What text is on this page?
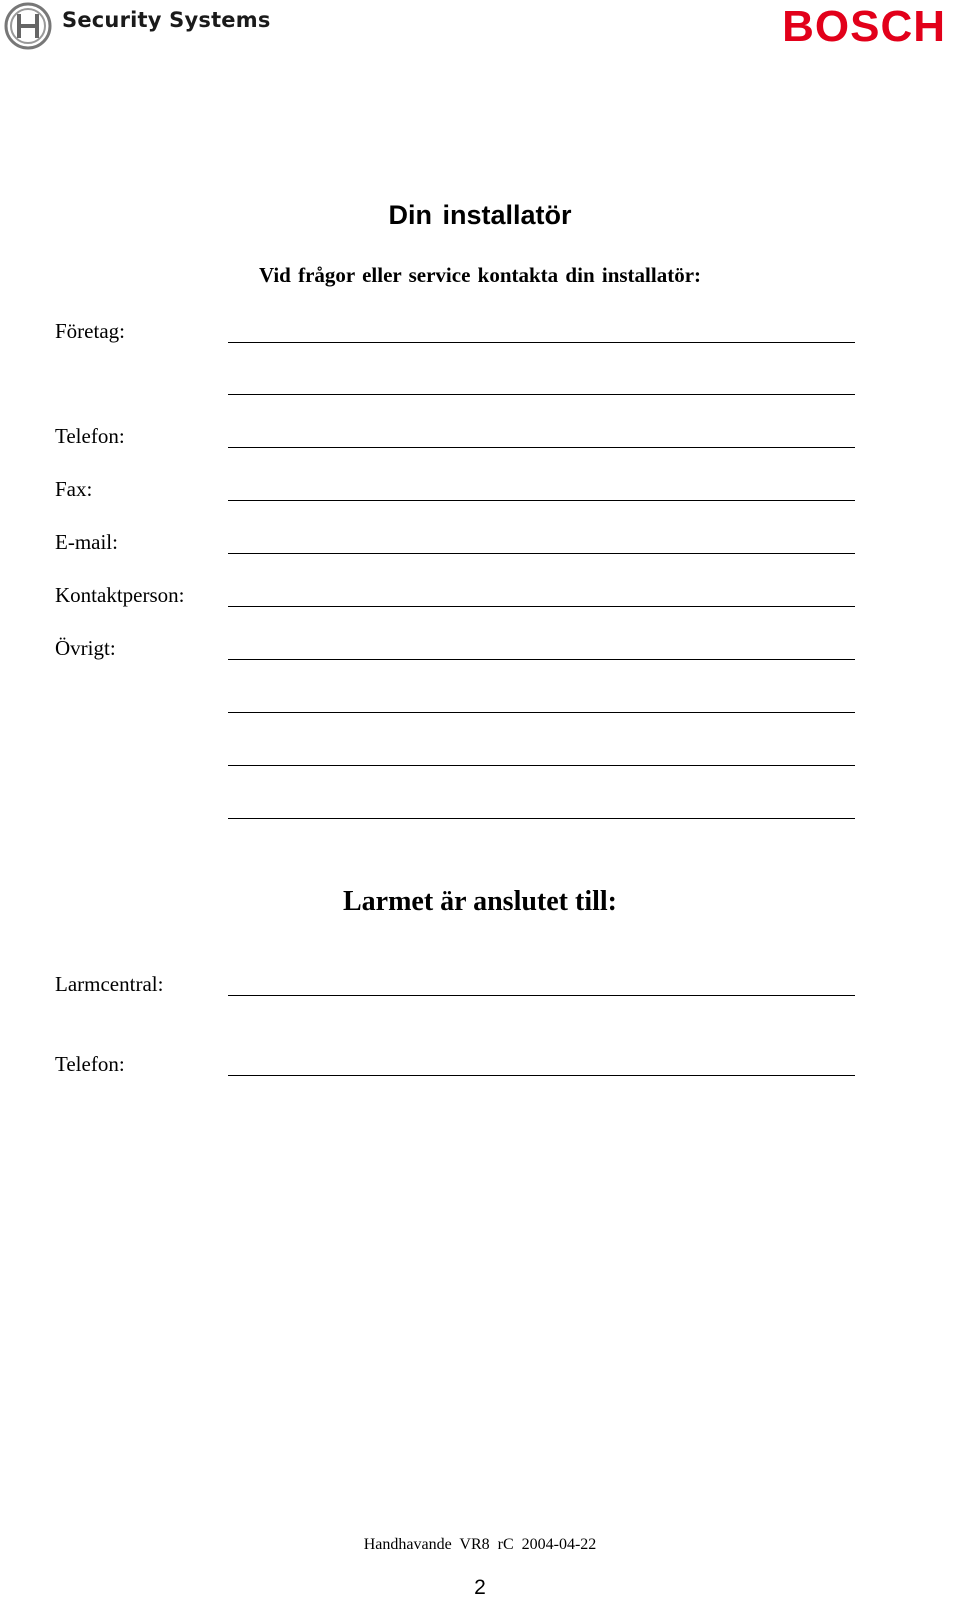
Security Systems	BOSCH
Din installatör
Vid frågor eller service kontakta din installatör:
Företag:
Telefon:
Fax:
E-mail:
Kontaktperson:
Övrigt:
Larmet är anslutet till:
Larmcentral:
Telefon:
Handhavande VR8 rC 2004-04-22
2
